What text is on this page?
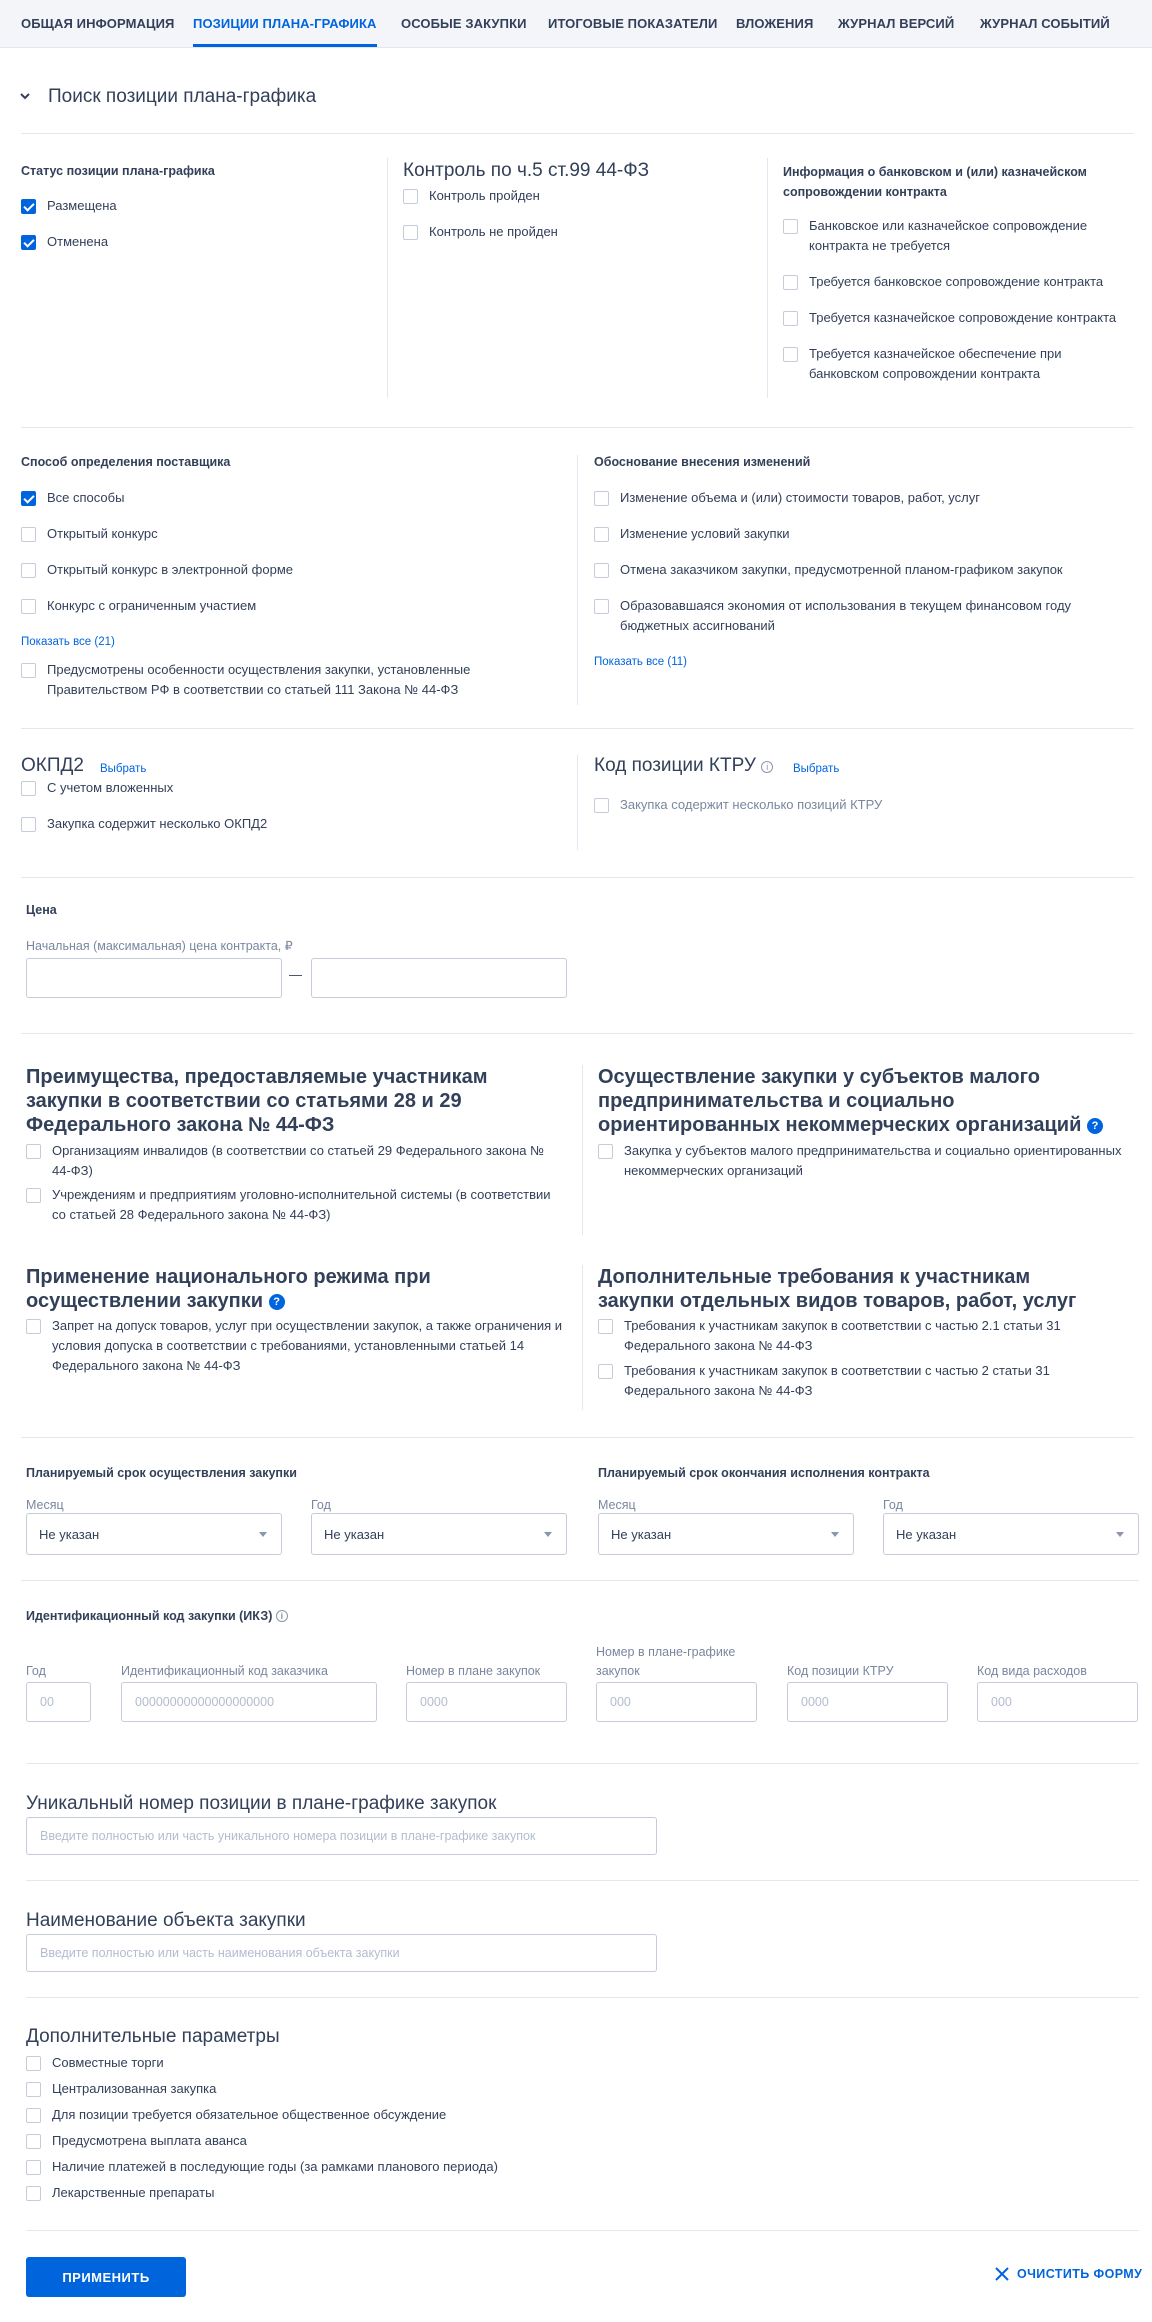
ОБЩАЯ ИНФОРМАЦИЯ ПОЗИЦИИ ПЛАНА-ГРАФИКА ОСОБЫЕ ЗАКУПКИ ИТОГОВЫЕ ПОКАЗАТЕЛИ ВЛОЖЕНИЯ ЖУРНАЛ ВЕРСИЙ ЖУРНАЛ СОБЫТИЙ
Поиск позиции плана-графика
Статус позиции плана-графика
Размещена
Отменена
Контроль по ч.5 ст.99 44-ФЗ
Контроль пройден
Контроль не пройден
Информация о банковском и (или) казначейском сопровождении контракта
Банковское или казначейское сопровождение контракта не требуется
Требуется банковское сопровождение контракта
Требуется казначейское сопровождение контракта
Требуется казначейское обеспечение при банковском сопровождении контракта
Способ определения поставщика
Все способы
Открытый конкурс
Открытый конкурс в электронной форме
Конкурс с ограниченным участием
Показать все (21)
Предусмотрены особенности осуществления закупки, установленные Правительством РФ в соответствии со статьей 111 Закона № 44-ФЗ
Обоснование внесения изменений
Изменение объема и (или) стоимости товаров, работ, услуг
Изменение условий закупки
Отмена заказчиком закупки, предусмотренной планом-графиком закупок
Образовавшаяся экономия от использования в текущем финансовом году бюджетных ассигнований
Показать все (11)
ОКПД2 Выбрать
С учетом вложенных
Закупка содержит несколько ОКПД2
Код позиции КТРУ i	Выбрать
Закупка содержит несколько позиций КТРУ
Цена
Начальная (максимальная) цена контракта, ₽
—
Преимущества, предоставляемые участникам закупки в соответствии со статьями 28 и 29 Федерального закона № 44-ФЗ
Организациям инвалидов (в соответствии со статьей 29 Федерального закона № 44-ФЗ)
Учреждениям и предприятиям уголовно-исполнительной системы (в соответствии со статьей 28 Федерального закона № 44-ФЗ)
Осуществление закупки у субъектов малого предпринимательства и социально ориентированных некоммерческих организаций ?
Закупка у субъектов малого предпринимательства и социально ориентированных некоммерческих организаций
Применение национального режима при осуществлении закупки ?
Запрет на допуск товаров, услуг при осуществлении закупок, а также ограничения и условия допуска в соответствии с требованиями, установленными статьей 14 Федерального закона № 44-ФЗ
Дополнительные требования к участникам закупки отдельных видов товаров, работ, услуг
Требования к участникам закупок в соответствии с частью 2.1 статьи 31 Федерального закона № 44-ФЗ
Требования к участникам закупок в соответствии с частью 2 статьи 31 Федерального закона № 44-ФЗ
Планируемый срок осуществления закупки
Месяц
Не указан
Год
Не указан
Планируемый срок окончания исполнения контракта
Месяц
Не указан
Год
Не указан
Идентификационный код закупки (ИКЗ) i
Год
00
Идентификационный код заказчика
00000000000000000000
Номер в плане закупок
0000
Номер в плане-графике закупок
000
Код позиции КТРУ
0000
Код вида расходов
000
Уникальный номер позиции в плане-графике закупок
Введите полностью или часть уникального номера позиции в плане-графике закупок
Наименование объекта закупки
Введите полностью или часть наименования объекта закупки
Дополнительные параметры
Совместные торги
Централизованная закупка
Для позиции требуется обязательное общественное обсуждение
Предусмотрена выплата аванса
Наличие платежей в последующие годы (за рамками планового периода)
Лекарственные препараты
ПРИМЕНИТЬ	ОЧИСТИТЬ ФОРМУ
